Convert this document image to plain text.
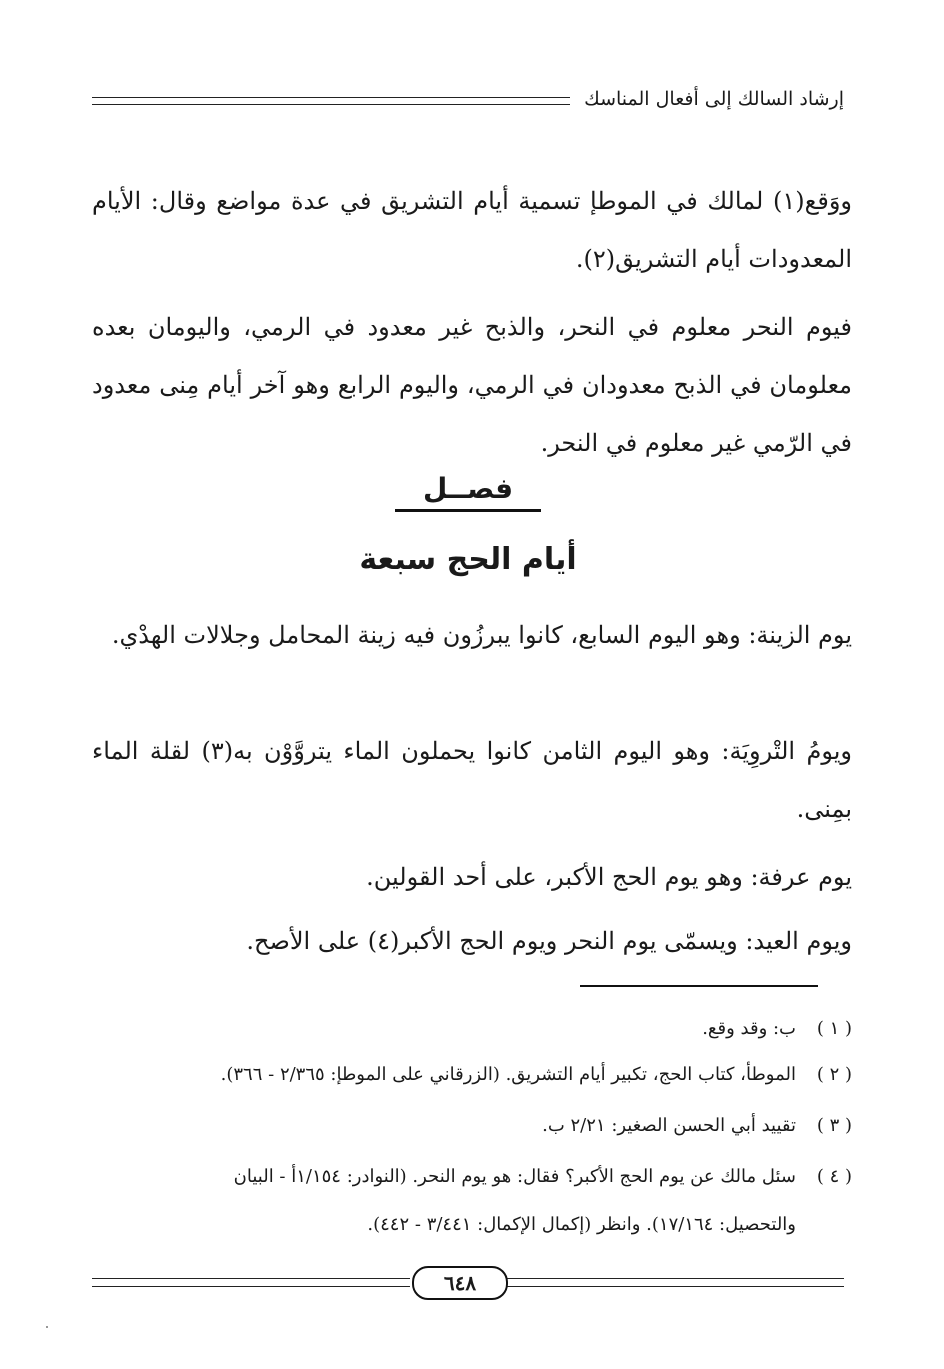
إرشاد السالك إلى أفعال المناسك
ووَقع(١) لمالك في الموطإ تسمية أيام التشريق في عدة مواضع وقال: الأيام المعدودات أيام التشريق(٢).
فيوم النحر معلوم في النحر، والذبح غير معدود في الرمي، واليومان بعده معلومان في الذبح معدودان في الرمي، واليوم الرابع وهو آخر أيام مِنى معدود في الرّمي غير معلوم في النحر.
فصــل
أيام الحج سبعة
يوم الزينة: وهو اليوم السابع، كانوا يبرزُون فيه زينة المحامل وجلالات الهدْي.
ويومُ التْروِيَة: وهو اليوم الثامن كانوا يحملون الماء يتروَّوْن به(٣) لقلة الماء بمِنى.
يوم عرفة: وهو يوم الحج الأكبر، على أحد القولين.
ويوم العيد: ويسمّى يوم النحر ويوم الحج الأكبر(٤) على الأصح.
( ١ )
ب: وقد وقع.
( ٢ )
الموطأ، كتاب الحج، تكبير أيام التشريق. (الزرقاني على الموطإ: ٢/٣٦٥ - ٣٦٦).
( ٣ )
تقييد أبي الحسن الصغير: ٢/٢١ ب.
( ٤ )
سئل مالك عن يوم الحج الأكبر؟ فقال: هو يوم النحر. (النوادر: ١/١٥٤أ - البيان
والتحصيل: ١٧/١٦٤). وانظر (إكمال الإكمال: ٣/٤٤١ - ٤٤٢).
٦٤٨
